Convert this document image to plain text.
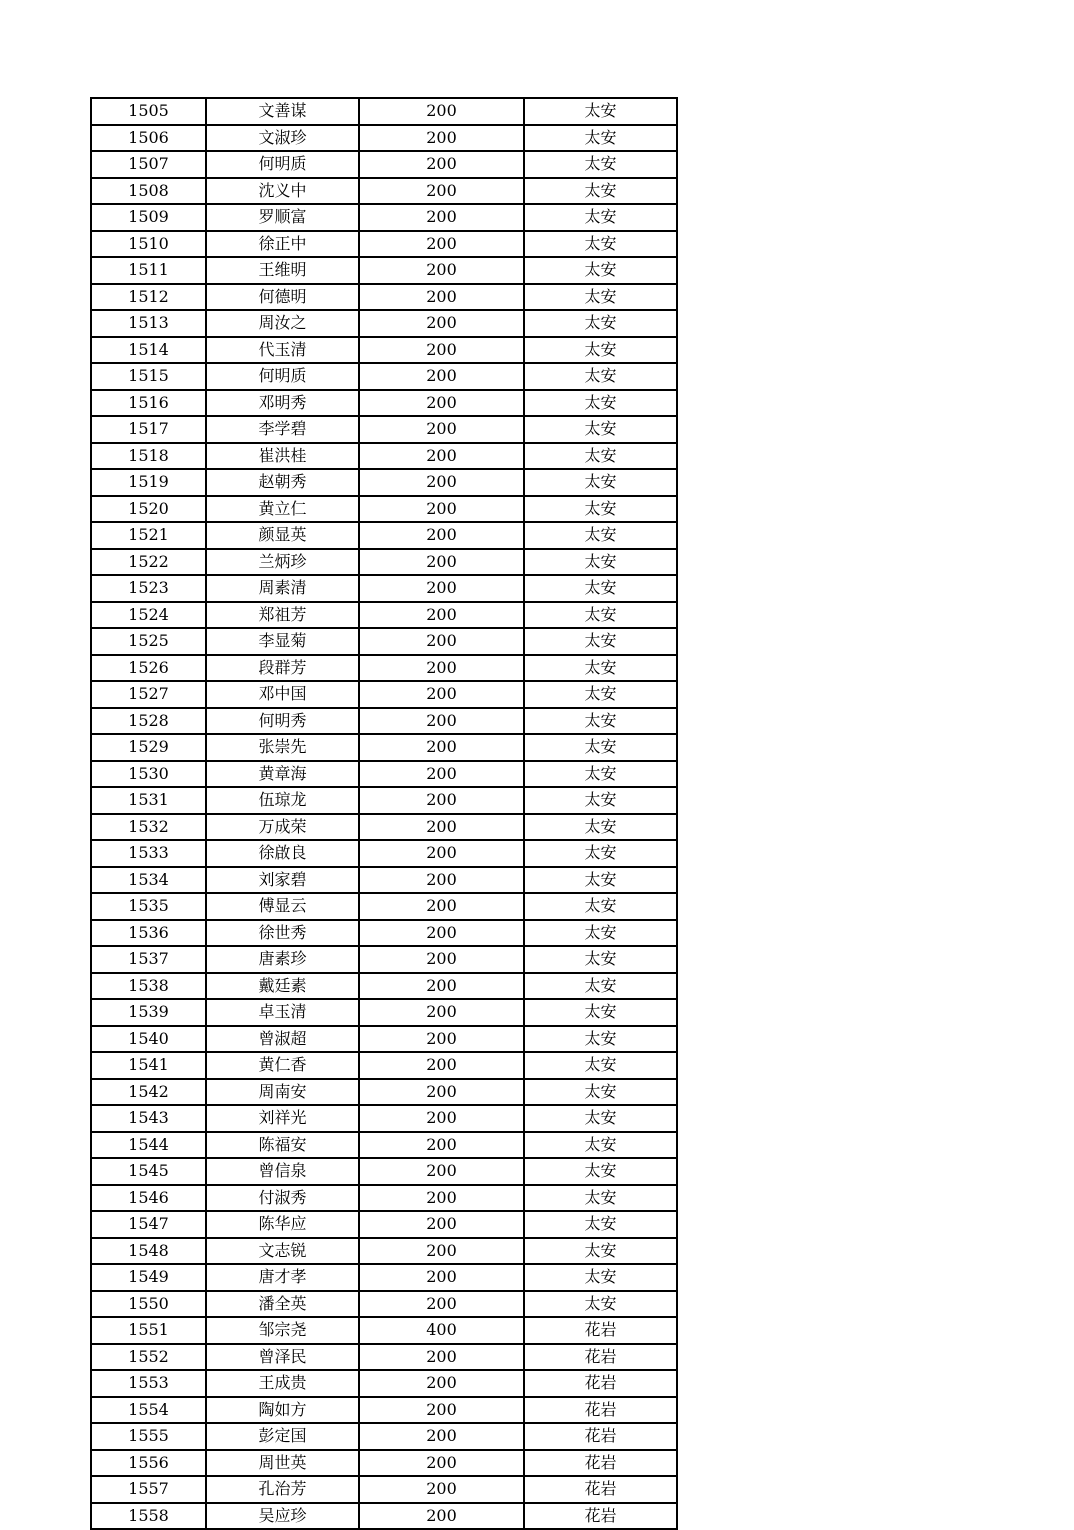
1505	文善谋	200	太安
1506	文淑珍	200	太安
1507	何明质	200	太安
1508	沈义中	200	太安
1509	罗顺富	200	太安
1510	徐正中	200	太安
1511	王维明	200	太安
1512	何德明	200	太安
1513	周汝之	200	太安
1514	代玉清	200	太安
1515	何明质	200	太安
1516	邓明秀	200	太安
1517	李学碧	200	太安
1518	崔洪桂	200	太安
1519	赵朝秀	200	太安
1520	黄立仁	200	太安
1521	颜显英	200	太安
1522	兰炳珍	200	太安
1523	周素清	200	太安
1524	郑祖芳	200	太安
1525	李显菊	200	太安
1526	段群芳	200	太安
1527	邓中国	200	太安
1528	何明秀	200	太安
1529	张崇先	200	太安
1530	黄章海	200	太安
1531	伍琼龙	200	太安
1532	万成荣	200	太安
1533	徐啟良	200	太安
1534	刘家碧	200	太安
1535	傅显云	200	太安
1536	徐世秀	200	太安
1537	唐素珍	200	太安
1538	戴廷素	200	太安
1539	卓玉清	200	太安
1540	曾淑超	200	太安
1541	黄仁香	200	太安
1542	周南安	200	太安
1543	刘祥光	200	太安
1544	陈福安	200	太安
1545	曾信泉	200	太安
1546	付淑秀	200	太安
1547	陈华应	200	太安
1548	文志锐	200	太安
1549	唐才孝	200	太安
1550	潘全英	200	太安
1551	邹宗尧	400	花岩
1552	曾泽民	200	花岩
1553	王成贵	200	花岩
1554	陶如方	200	花岩
1555	彭定国	200	花岩
1556	周世英	200	花岩
1557	孔治芳	200	花岩
1558	吴应珍	200	花岩
